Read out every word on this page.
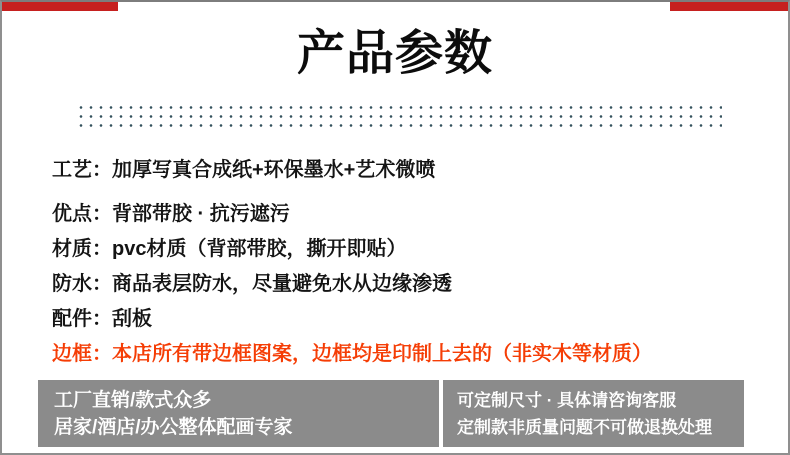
产品参数
工艺：加厚写真合成纸+环保墨水+艺术微喷
优点：背部带胶 · 抗污遮污
材质：pvc材质（背部带胶，撕开即贴）
防水：商品表层防水，尽量避免水从边缘渗透
配件：刮板
边框：本店所有带边框图案，边框均是印制上去的（非实木等材质）
工厂直销/款式众多
居家/酒店/办公整体配画专家
可定制尺寸 · 具体请咨询客服
定制款非质量问题不可做退换处理
